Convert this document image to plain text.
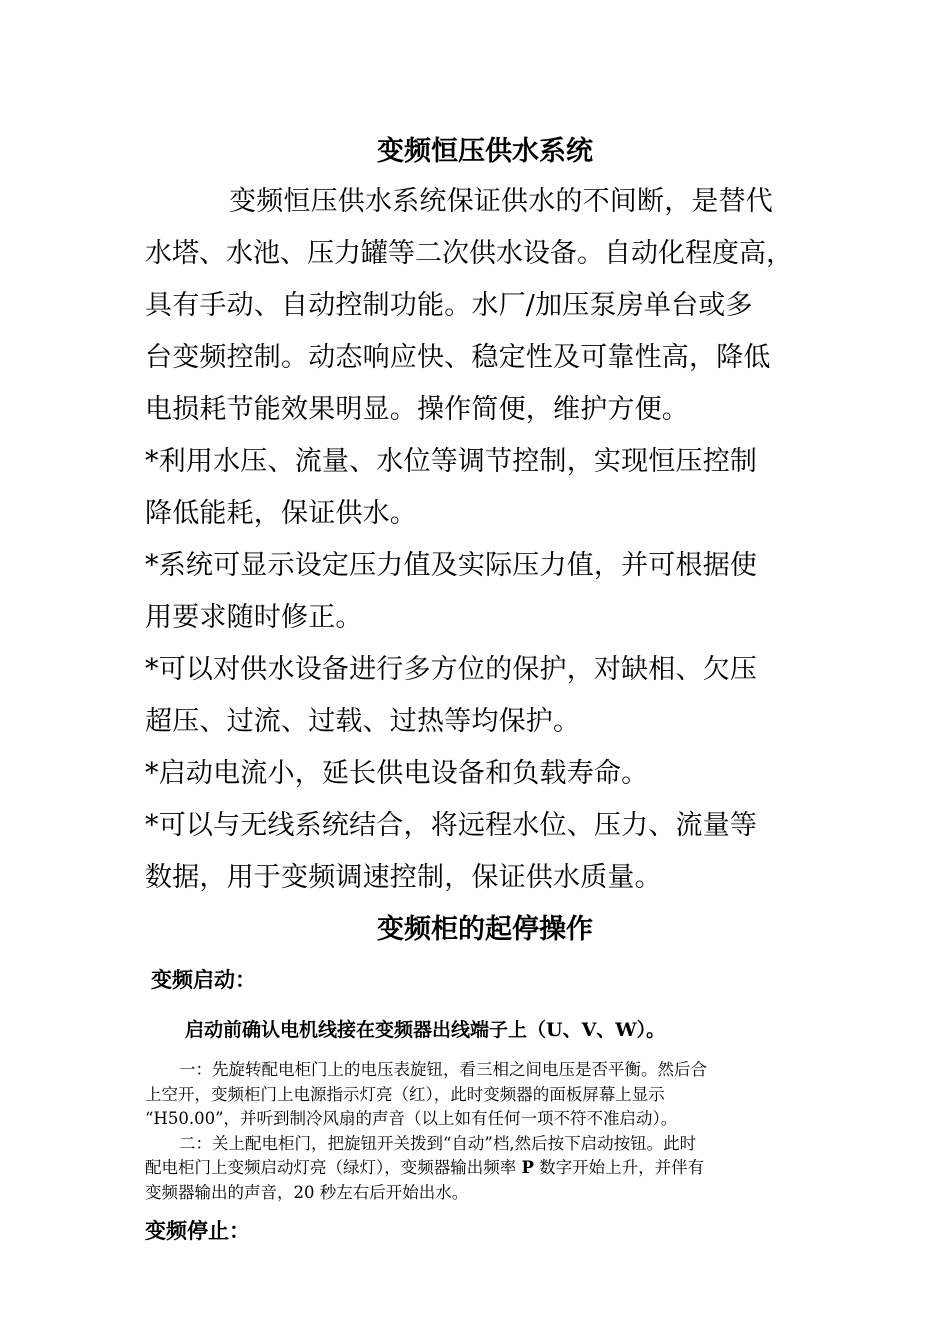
变频恒压供水系统

变频恒压供水系统保证供水的不间断，是替代

水塔、水池、压力罐等二次供水设备。自动化程度高，

具有手动、自动控制功能。水厂/加压泵房单台或多

台变频控制。动态响应快、稳定性及可靠性高，降低

电损耗节能效果明显。操作简便，维护方便。

*利用水压、流量、水位等调节控制，实现恒压控制

降低能耗，保证供水。

*系统可显示设定压力值及实际压力值，并可根据使

用要求随时修正。

*可以对供水设备进行多方位的保护，对缺相、欠压

超压、过流、过载、过热等均保护。

*启动电流小，延长供电设备和负载寿命。

*可以与无线系统结合，将远程水位、压力、流量等

数据，用于变频调速控制，保证供水质量。

变频柜的起停操作

变频启动：

启动前确认电机线接在变频器出线端子上（U、V、W）。

一：先旋转配电柜门上的电压表旋钮，看三相之间电压是否平衡。然后合

上空开，变频柜门上电源指示灯亮（红），此时变频器的面板屏幕上显示

“H50.00”，并听到制冷风扇的声音（以上如有任何一项不符不准启动）。

二：关上配电柜门，把旋钮开关拨到“自动”档,然后按下启动按钮。此时

配电柜门上变频启动灯亮（绿灯），变频器输出频率 P 数字开始上升，并伴有

变频器输出的声音，20 秒左右后开始出水。

变频停止：
